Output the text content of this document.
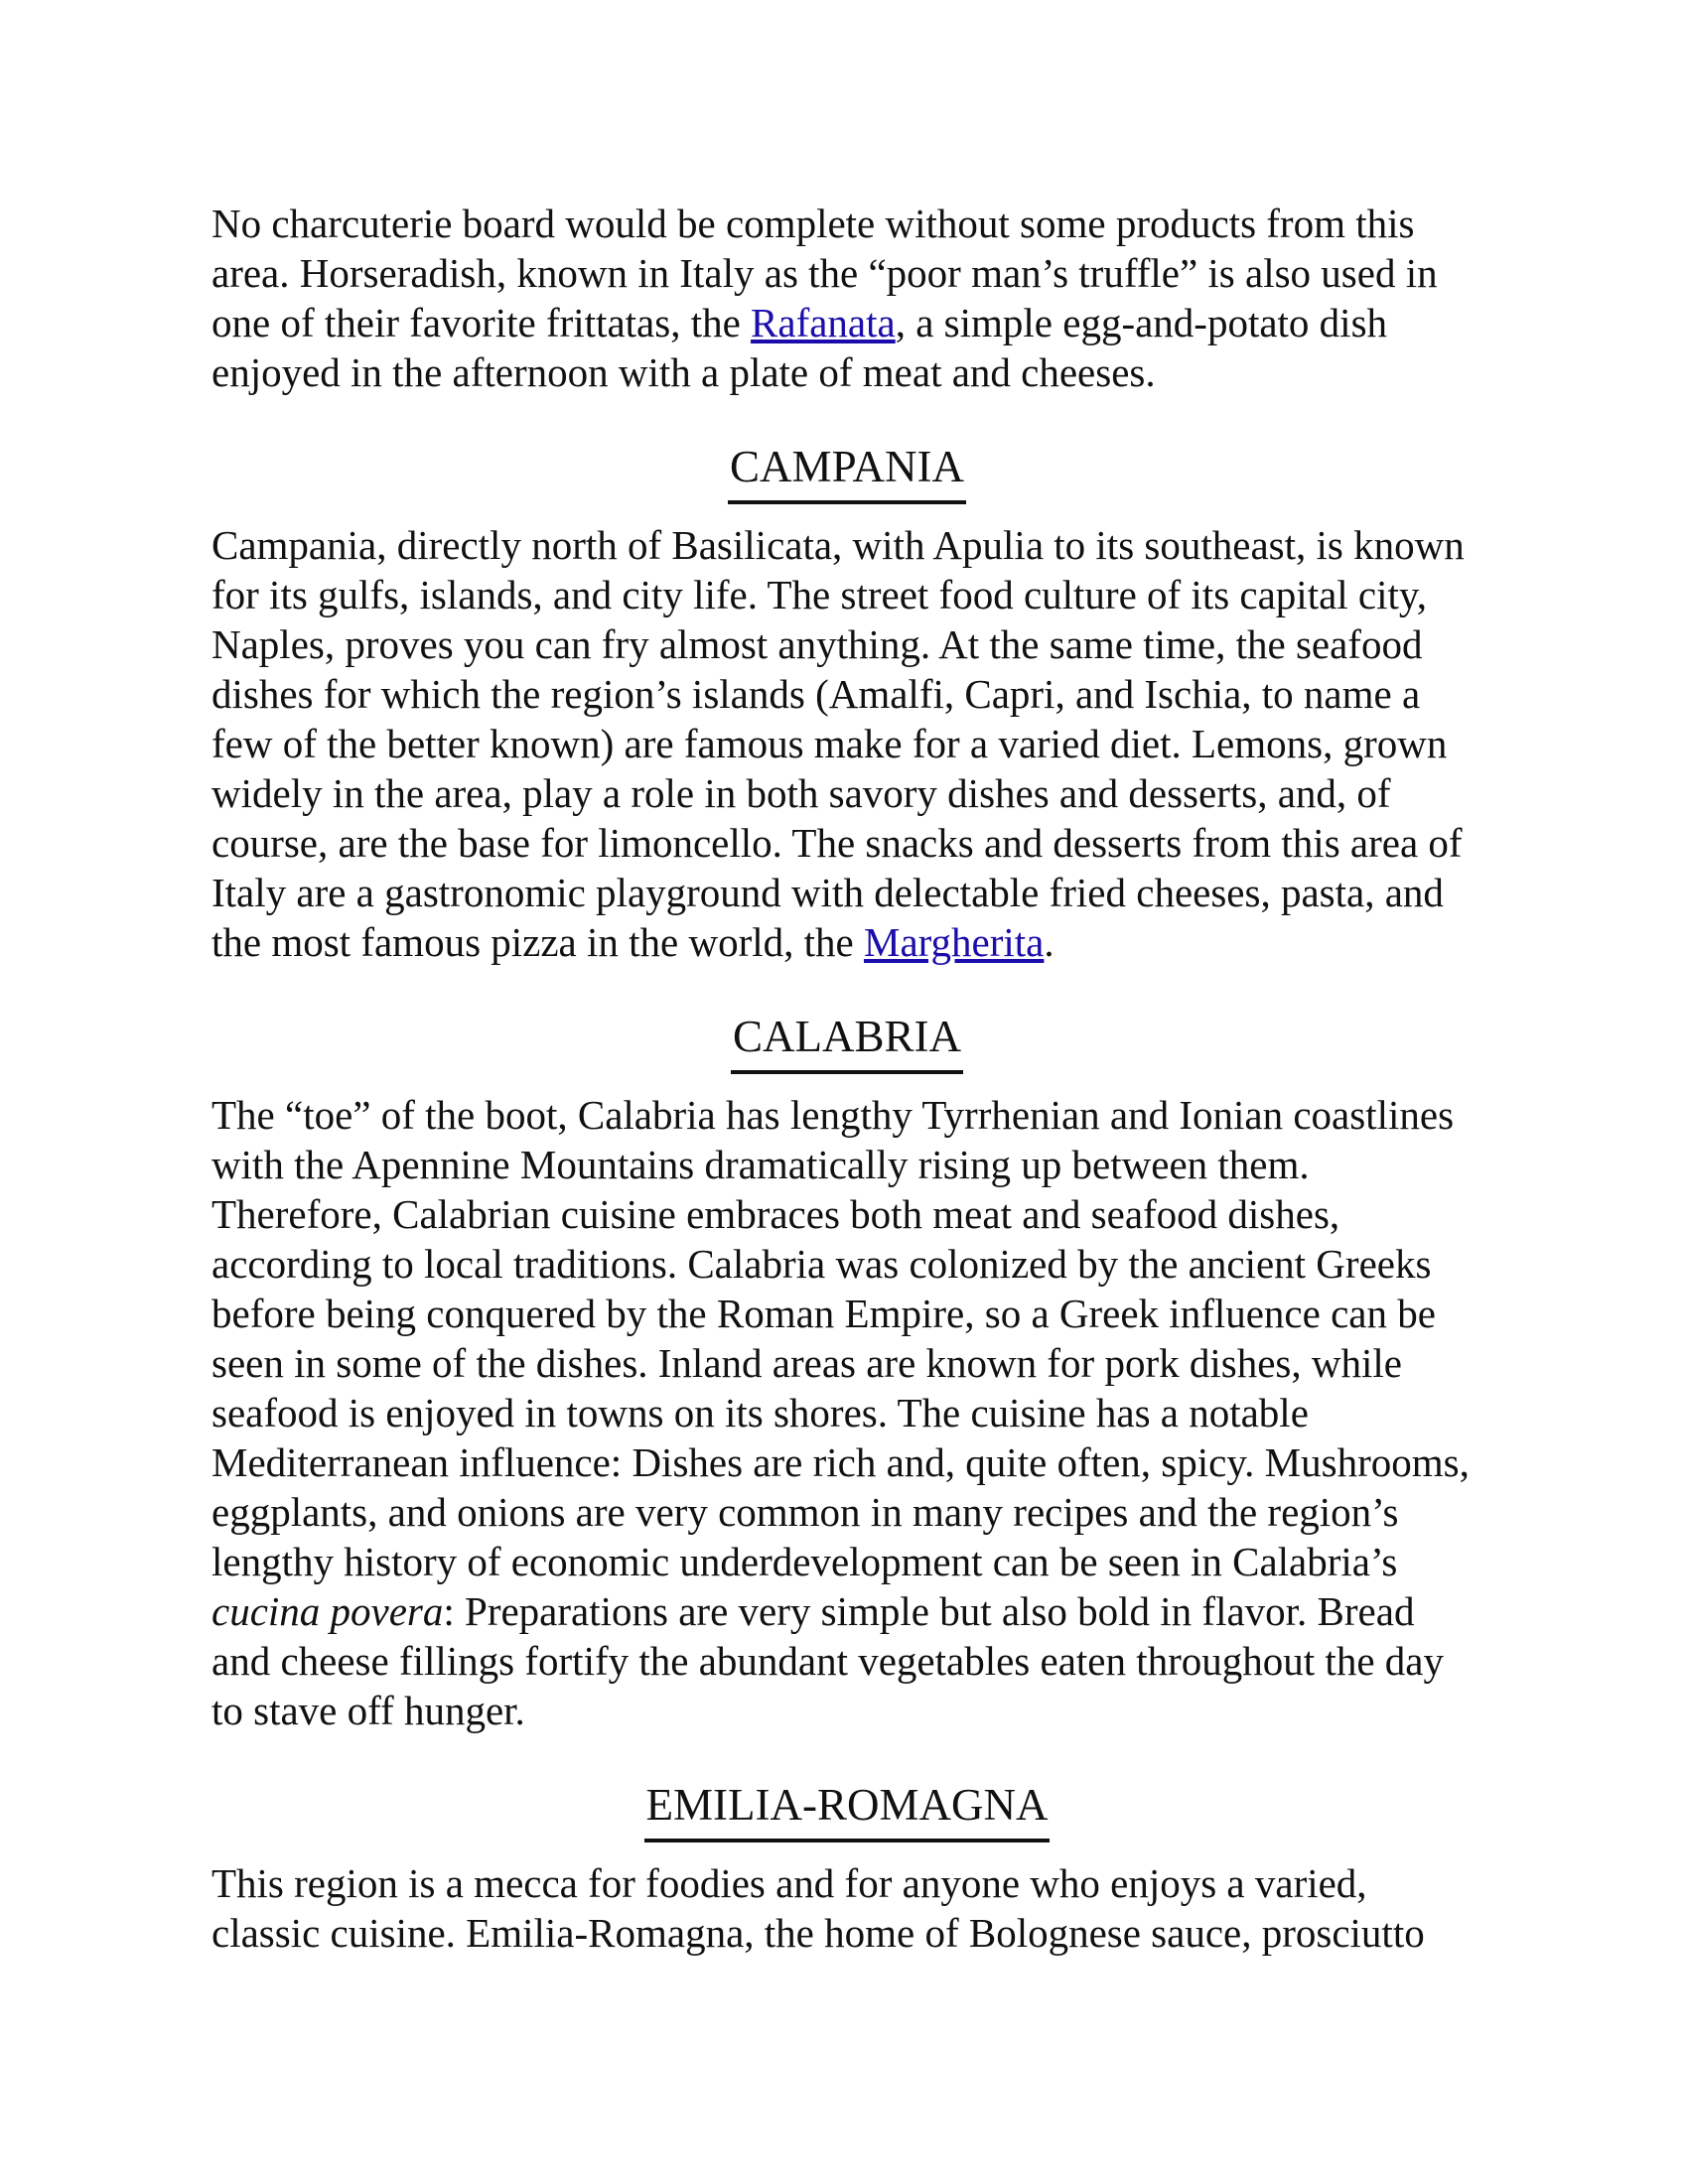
No charcuterie board would be complete without some products from this area. Horseradish, known in Italy as the “poor man’s truffle” is also used in one of their favorite frittatas, the Rafanata, a simple egg-and-potato dish enjoyed in the afternoon with a plate of meat and cheeses.

CAMPANIA

Campania, directly north of Basilicata, with Apulia to its southeast, is known for its gulfs, islands, and city life. The street food culture of its capital city, Naples, proves you can fry almost anything. At the same time, the seafood dishes for which the region’s islands (Amalfi, Capri, and Ischia, to name a few of the better known) are famous make for a varied diet. Lemons, grown widely in the area, play a role in both savory dishes and desserts, and, of course, are the base for limoncello. The snacks and desserts from this area of Italy are a gastronomic playground with delectable fried cheeses, pasta, and the most famous pizza in the world, the Margherita.

CALABRIA

The “toe” of the boot, Calabria has lengthy Tyrrhenian and Ionian coastlines with the Apennine Mountains dramatically rising up between them. Therefore, Calabrian cuisine embraces both meat and seafood dishes, according to local traditions. Calabria was colonized by the ancient Greeks before being conquered by the Roman Empire, so a Greek influence can be seen in some of the dishes. Inland areas are known for pork dishes, while seafood is enjoyed in towns on its shores. The cuisine has a notable Mediterranean influence: Dishes are rich and, quite often, spicy. Mushrooms, eggplants, and onions are very common in many recipes and the region’s lengthy history of economic underdevelopment can be seen in Calabria’s cucina povera: Preparations are very simple but also bold in flavor. Bread and cheese fillings fortify the abundant vegetables eaten throughout the day to stave off hunger.

EMILIA-ROMAGNA

This region is a mecca for foodies and for anyone who enjoys a varied, classic cuisine. Emilia-Romagna, the home of Bolognese sauce, prosciutto
